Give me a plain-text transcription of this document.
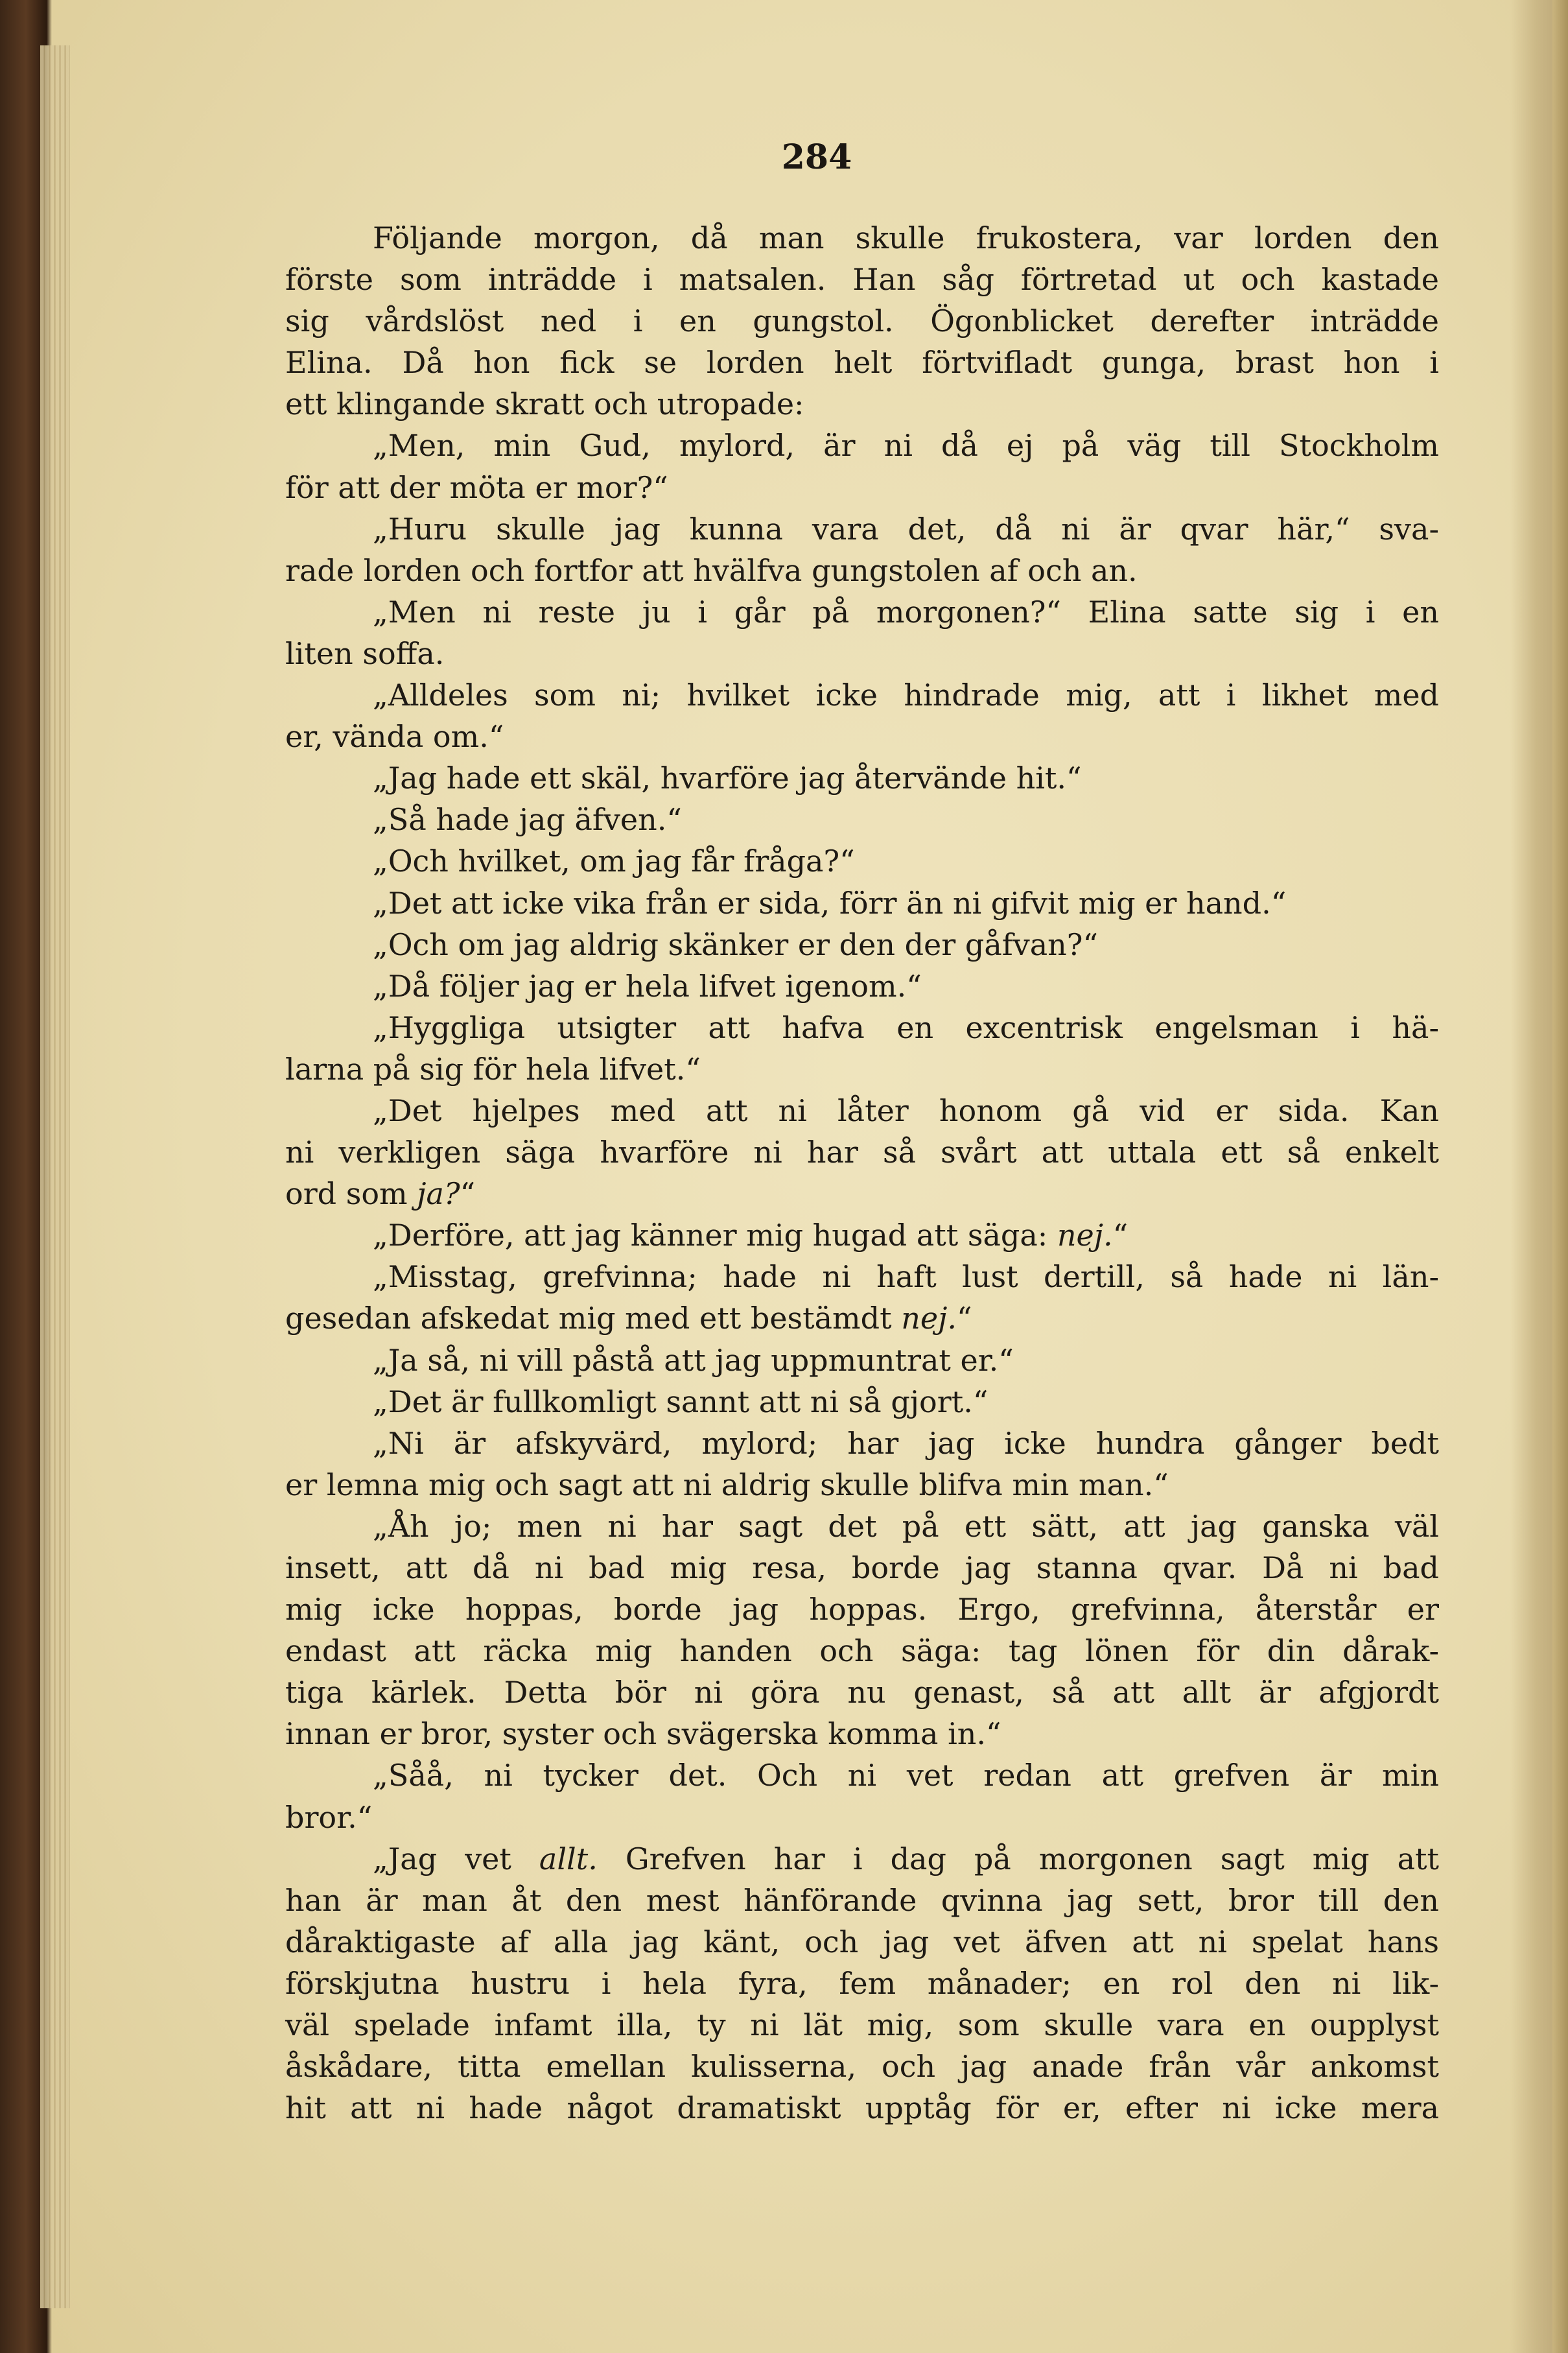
284
Följande morgon, då man skulle frukostera, var lorden den
förste som inträdde i matsalen. Han såg förtretad ut och kastade
sig vårdslöst ned i en gungstol. Ögonblicket derefter inträdde
Elina. Då hon fick se lorden helt förtvifladt gunga, brast hon i
ett klingande skratt och utropade:
„Men, min Gud, mylord, är ni då ej på väg till Stockholm
för att der möta er mor?“
„Huru skulle jag kunna vara det, då ni är qvar här,“ sva-
rade lorden och fortfor att hvälfva gungstolen af och an.
„Men ni reste ju i går på morgonen?“ Elina satte sig i en
liten soffa.
„Alldeles som ni; hvilket icke hindrade mig, att i likhet med
er, vända om.“
„Jag hade ett skäl, hvarföre jag återvände hit.“
„Så hade jag äfven.“
„Och hvilket, om jag får fråga?“
„Det att icke vika från er sida, förr än ni gifvit mig er hand.“
„Och om jag aldrig skänker er den der gåfvan?“
„Då följer jag er hela lifvet igenom.“
„Hyggliga utsigter att hafva en excentrisk engelsman i hä-
larna på sig för hela lifvet.“
„Det hjelpes med att ni låter honom gå vid er sida. Kan
ni verkligen säga hvarföre ni har så svårt att uttala ett så enkelt
ord som ja?“
„Derföre, att jag känner mig hugad att säga: nej.“
„Misstag, grefvinna; hade ni haft lust dertill, så hade ni län-
gesedan afskedat mig med ett bestämdt nej.“
„Ja så, ni vill påstå att jag uppmuntrat er.“
„Det är fullkomligt sannt att ni så gjort.“
„Ni är afskyvärd, mylord; har jag icke hundra gånger bedt
er lemna mig och sagt att ni aldrig skulle blifva min man.“
„Åh jo; men ni har sagt det på ett sätt, att jag ganska väl
insett, att då ni bad mig resa, borde jag stanna qvar. Då ni bad
mig icke hoppas, borde jag hoppas. Ergo, grefvinna, återstår er
endast att räcka mig handen och säga: tag lönen för din dårak-
tiga kärlek. Detta bör ni göra nu genast, så att allt är afgjordt
innan er bror, syster och svägerska komma in.“
„Såå, ni tycker det. Och ni vet redan att grefven är min
bror.“
„Jag vet allt. Grefven har i dag på morgonen sagt mig att
han är man åt den mest hänförande qvinna jag sett, bror till den
dåraktigaste af alla jag känt, och jag vet äfven att ni spelat hans
förskjutna hustru i hela fyra, fem månader; en rol den ni lik-
väl spelade infamt illa, ty ni lät mig, som skulle vara en oupplyst
åskådare, titta emellan kulisserna, och jag anade från vår ankomst
hit att ni hade något dramatiskt upptåg för er, efter ni icke mera
